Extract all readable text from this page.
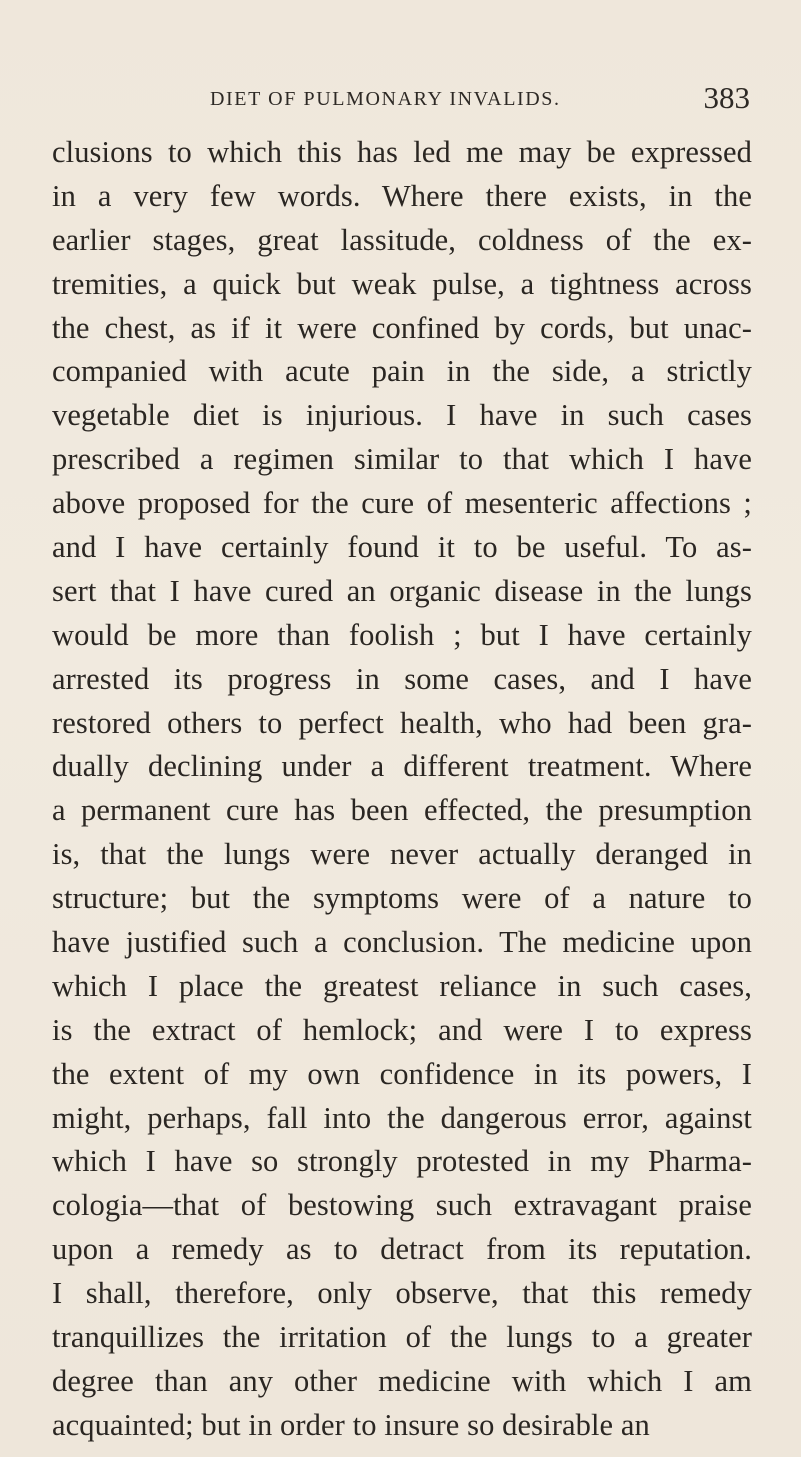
DIET OF PULMONARY INVALIDS.	383
clusions to which this has led me may be expressed
in a very few words. Where there exists, in the
earlier stages, great lassitude, coldness of the ex-
tremities, a quick but weak pulse, a tightness across
the chest, as if it were confined by cords, but unac-
companied with acute pain in the side, a strictly
vegetable diet is injurious. I have in such cases
prescribed a regimen similar to that which I have
above proposed for the cure of mesenteric affections ;
and I have certainly found it to be useful. To as-
sert that I have cured an organic disease in the lungs
would be more than foolish ; but I have certainly
arrested its progress in some cases, and I have
restored others to perfect health, who had been gra-
dually declining under a different treatment. Where
a permanent cure has been effected, the presumption
is, that the lungs were never actually deranged in
structure; but the symptoms were of a nature to
have justified such a conclusion. The medicine upon
which I place the greatest reliance in such cases,
is the extract of hemlock; and were I to express
the extent of my own confidence in its powers, I
might, perhaps, fall into the dangerous error, against
which I have so strongly protested in my Pharma-
cologia—that of bestowing such extravagant praise
upon a remedy as to detract from its reputation.
I shall, therefore, only observe, that this remedy
tranquillizes the irritation of the lungs to a greater
degree than any other medicine with which I am
acquainted; but in order to insure so desirable an
